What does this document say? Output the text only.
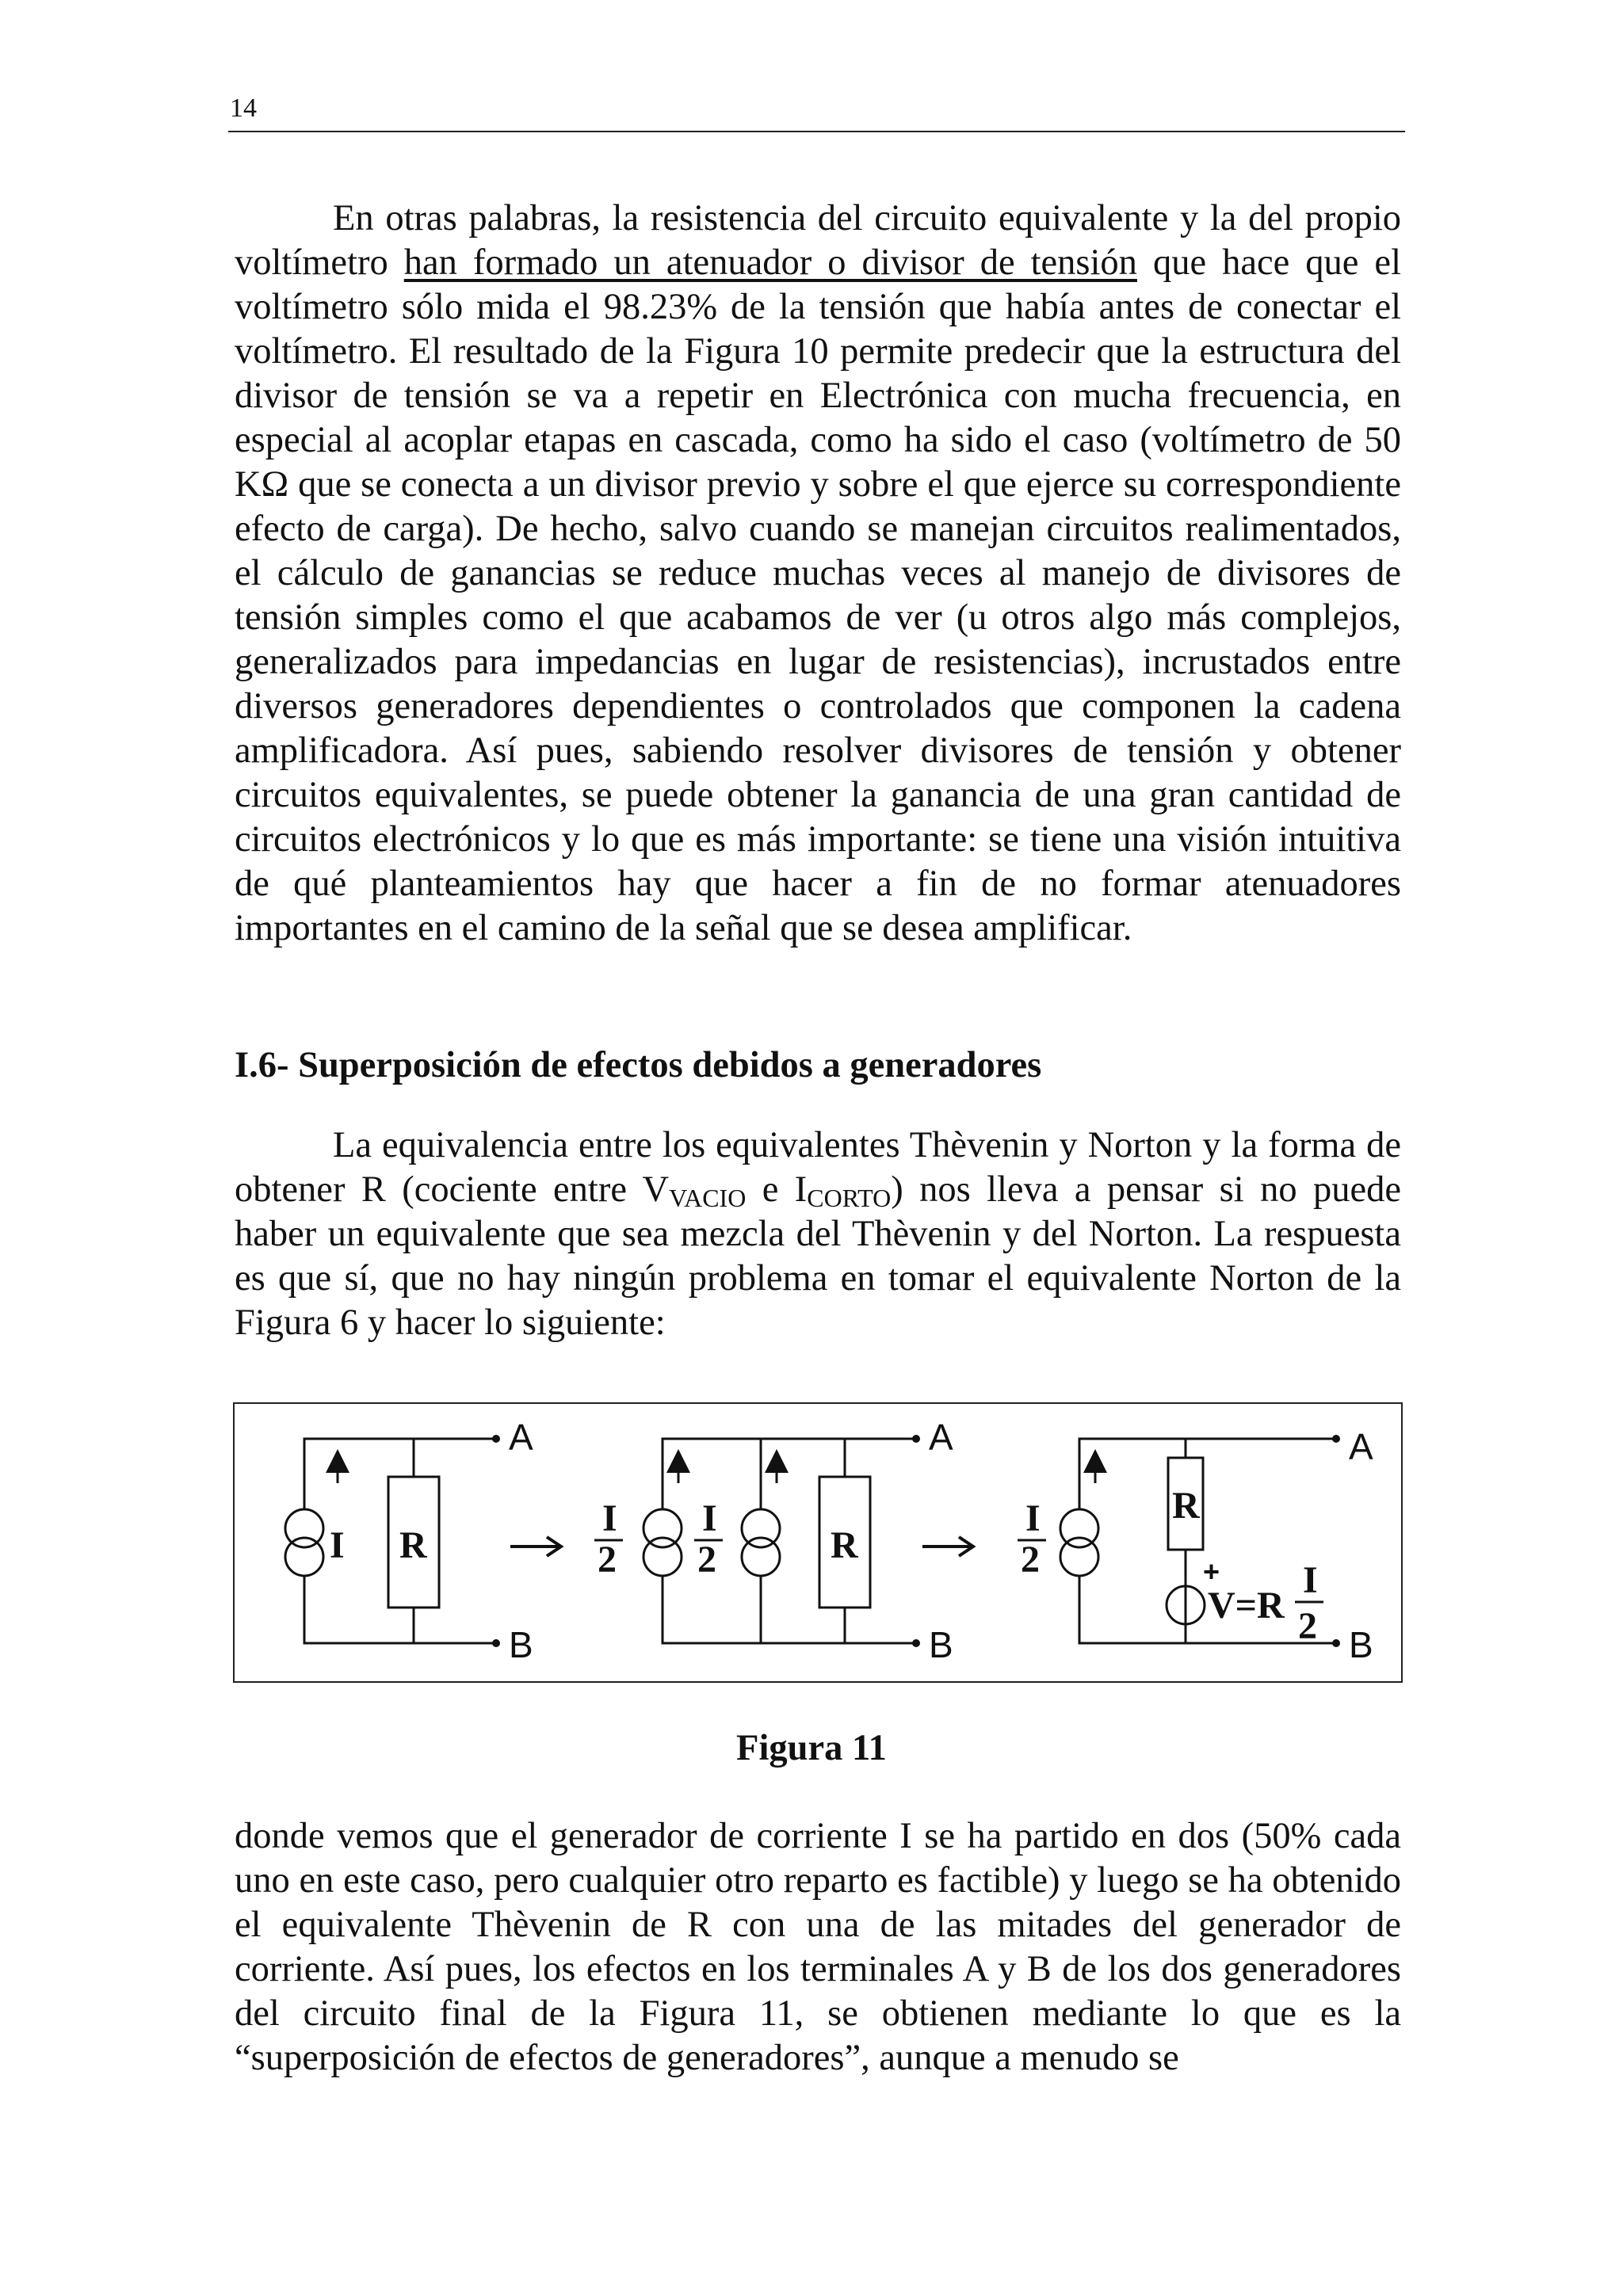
14

En otras palabras, la resistencia del circuito equivalente y la del propio voltímetro han formado un atenuador o divisor de tensión que hace que el voltímetro sólo mida el 98.23% de la tensión que había antes de conectar el voltímetro. El resultado de la Figura 10 permite predecir que la estructura del divisor de tensión se va a repetir en Electrónica con mucha frecuencia, en especial al acoplar etapas en cascada, como ha sido el caso (voltímetro de 50 KΩ que se conecta a un divisor previo y sobre el que ejerce su correspondiente efecto de carga). De hecho, salvo cuando se manejan circuitos realimentados, el cálculo de ganancias se reduce muchas veces al manejo de divisores de tensión simples como el que acabamos de ver (u otros algo más complejos, generalizados para impedancias en lugar de resistencias), incrustados entre diversos generadores dependientes o controlados que componen la cadena amplificadora. Así pues, sabiendo resolver divisores de tensión y obtener circuitos equivalentes, se puede obtener la ganancia de una gran cantidad de circuitos electrónicos y lo que es más importante: se tiene una visión intuitiva de qué planteamientos hay que hacer a fin de no formar atenuadores importantes en el camino de la señal que se desea amplificar.

I.6- Superposición de efectos debidos a generadores

La equivalencia entre los equivalentes Thèvenin y Norton y la forma de obtener R (cociente entre $V_{VACIO}$ e $I_{CORTO}$) nos lleva a pensar si no puede haber un equivalente que sea mezcla del Thèvenin y del Norton. La respuesta es que sí, que no hay ningún problema en tomar el equivalente Norton de la Figura 6 y hacer lo siguiente:

A
B
A
B
A
B
I R	R
R
I
2
I
2
I
2	+
V=R
I
2
Figura 11

donde vemos que el generador de corriente I se ha partido en dos (50% cada uno en este caso, pero cualquier otro reparto es factible) y luego se ha obtenido el equivalente Thèvenin de R con una de las mitades del generador de corriente. Así pues, los efectos en los terminales A y B de los dos generadores del circuito final de la Figura 11, se obtienen mediante lo que es la “superposición de efectos de generadores”, aunque a menudo se
